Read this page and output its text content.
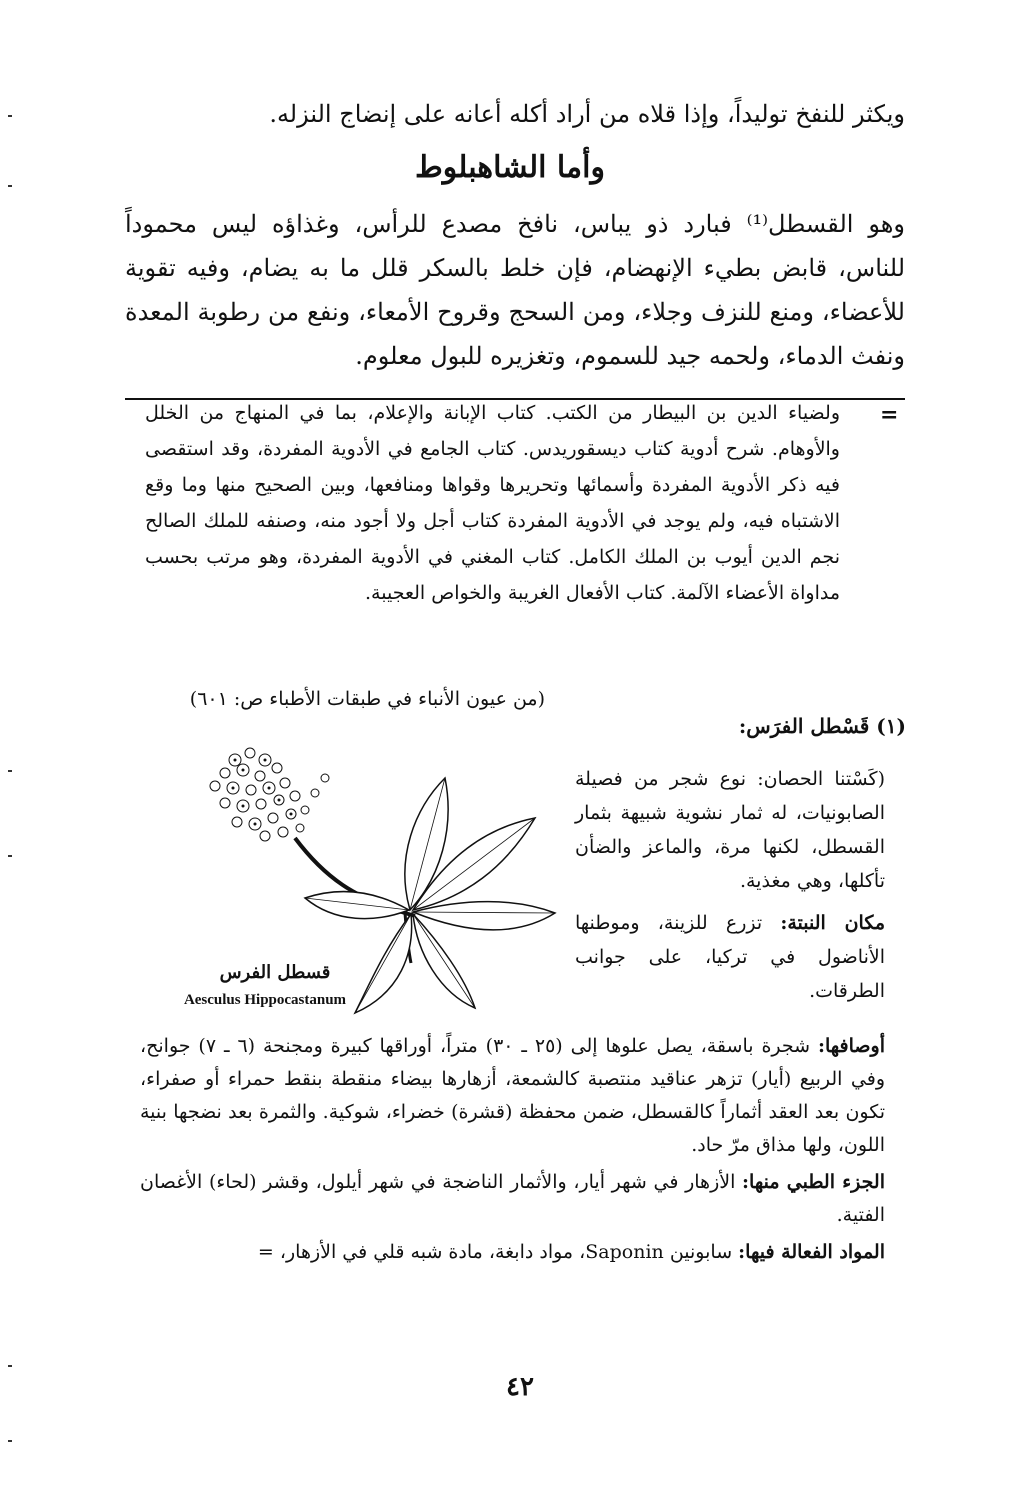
ويكثر للنفخ توليداً، وإذا قلاه من أراد أكله أعانه على إنضاج النزله.
وأما الشاهبلوط
وهو القسطل⁽¹⁾ فبارد ذو يباس، نافخ مصدع للرأس، وغذاؤه ليس محموداً للناس، قابض بطيء الإنهضام، فإن خلط بالسكر قلل ما به يضام، وفيه تقوية للأعضاء، ومنع للنزف وجلاء، ومن السحج وقروح الأمعاء، ونفع من رطوبة المعدة ونفث الدماء، ولحمه جيد للسموم، وتغزيره للبول معلوم.
=
ولضياء الدين بن البيطار من الكتب. كتاب الإبانة والإعلام، بما في المنهاج من الخلل والأوهام. شرح أدوية كتاب ديسقوريدس. كتاب الجامع في الأدوية المفردة، وقد استقصى فيه ذكر الأدوية المفردة وأسمائها وتحريرها وقواها ومنافعها، وبين الصحيح منها وما وقع الاشتباه فيه، ولم يوجد في الأدوية المفردة كتاب أجل ولا أجود منه، وصنفه للملك الصالح نجم الدين أيوب بن الملك الكامل. كتاب المغني في الأدوية المفردة، وهو مرتب بحسب مداواة الأعضاء الآلمة. كتاب الأفعال الغريبة والخواص العجيبة.
(من عيون الأنباء في طبقات الأطباء ص: ٦٠١)
(١) قَسْطل الفرَس:

(كَسْتنا الحصان: نوع شجر من فصيلة الصابونيات، له ثمار نشوية شبيهة بثمار القسطل، لكنها مرة، والماعز والضأن تأكلها، وهي مغذية.

مكان النبتة: تزرع للزينة، وموطنها الأناضول في تركيا، على جوانب الطرقات.

قسطل الفرس
Aesculus Hippocastanum

أوصافها: شجرة باسقة، يصل علوها إلى (٢٥ ـ ٣٠) متراً، أوراقها كبيرة ومجنحة (٦ ـ ٧) جوانح، وفي الربيع (أيار) تزهر عناقيد منتصبة كالشمعة، أزهارها بيضاء منقطة بنقط حمراء أو صفراء، تكون بعد العقد أثماراً كالقسطل، ضمن محفظة (قشرة) خضراء، شوكية. والثمرة بعد نضجها بنية اللون، ولها مذاق مرّ حاد.

الجزء الطبي منها: الأزهار في شهر أيار، والأثمار الناضجة في شهر أيلول، وقشر (لحاء) الأغصان الفتية.

المواد الفعالة فيها: سابونين Saponin، مواد دابغة، مادة شبه قلي في الأزهار، =

٤٢
